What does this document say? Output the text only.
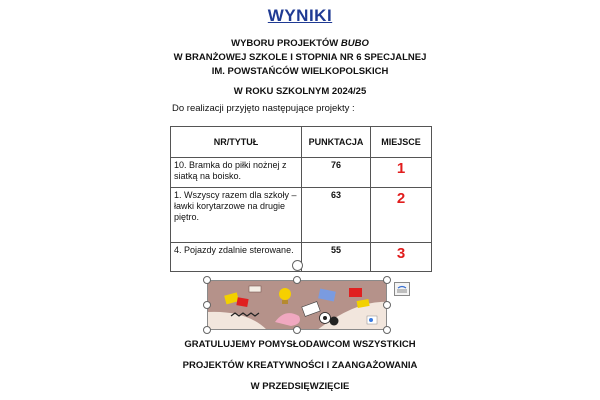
WYNIKI
WYBORU PROJEKTÓW BUBO
W BRANŻOWEJ SZKOLE I STOPNIA NR 6 SPECJALNEJ
IM. POWSTAŃCÓW WIELKOPOLSKICH
W ROKU SZKOLNYM 2024/25
Do realizacji przyjęto następujące projekty :
NR/TYTUŁ	PUNKTACJA	MIEJSCE
10. Bramka do piłki nożnej z siatką na boisko.	76	1
1. Wszyscy razem dla szkoły – ławki korytarzowe na drugie piętro.	63	2
4. Pojazdy zdalnie sterowane.	55	3
GRATULUJEMY POMYSŁODAWCOM WSZYSTKICH
PROJEKTÓW KREATYWNOŚCI I ZAANGAŻOWANIA
W PRZEDSIĘWZIĘCIE
